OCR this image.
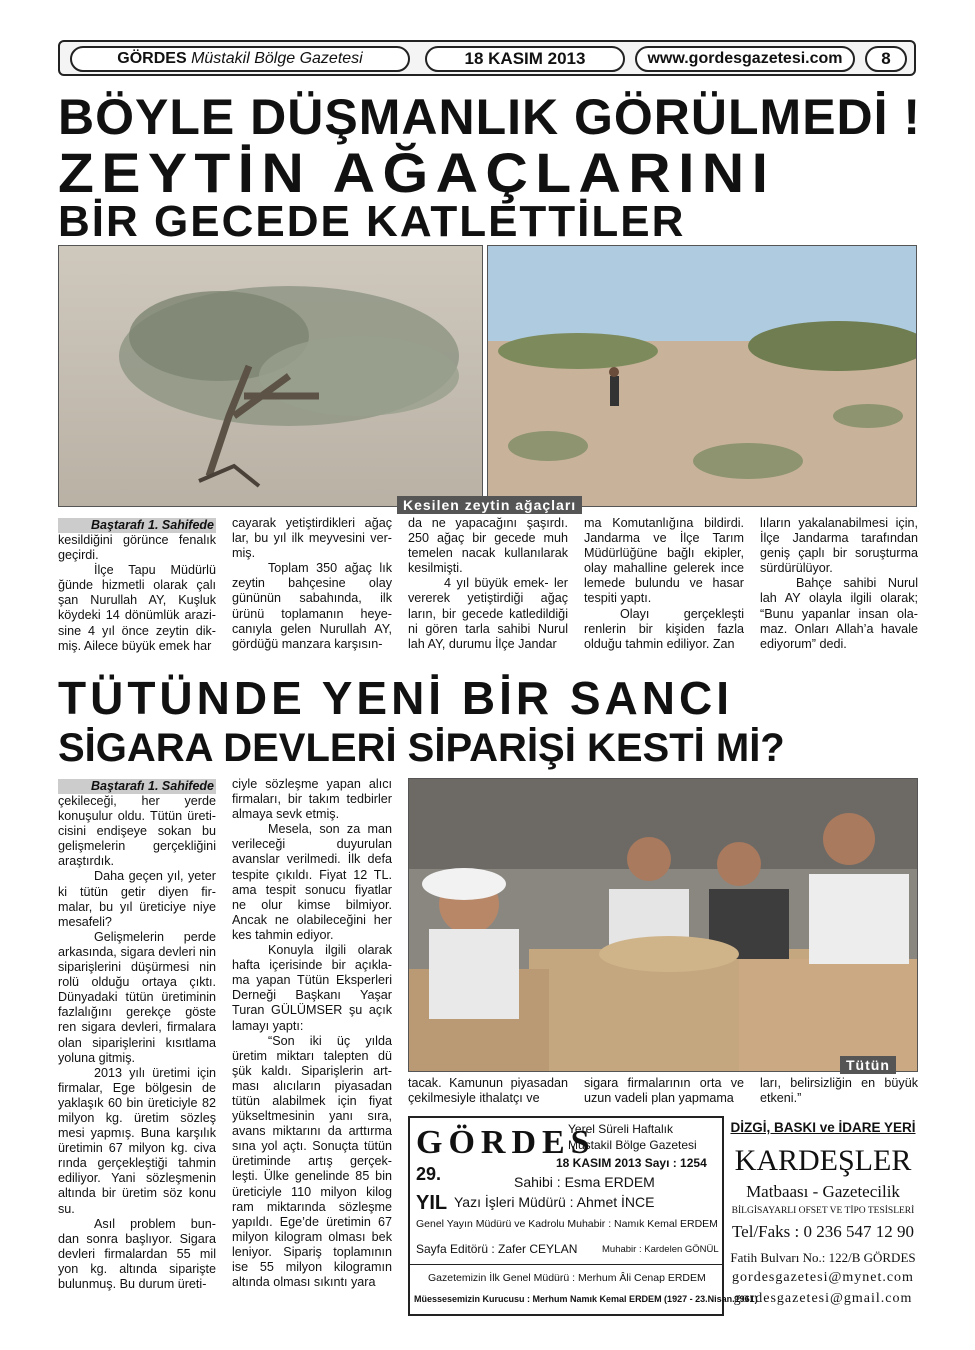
GÖRDES Müstakil Bölge Gazetesi	18 KASIM 2013	www.gordesgazetesi.com	8
BÖYLE DÜŞMANLIK GÖRÜLMEDİ !
ZEYTİN AĞAÇLARINI
BİR GECEDE KATLETTİLER
Kesilen zeytin ağaçları
Baştarafı 1. Sahifede

kesildiğini görünce fenalık geçirdi.

İlçe Tapu Müdürlü ğünde hizmetli olarak çalı şan Nurullah AY, Kuşluk köydeki 14 dönümlük arazi- sine 4 yıl önce zeytin dik- miş. Ailece büyük emek har

cayarak yetiştirdikleri ağaç lar, bu yıl ilk meyvesini ver- miş.

Toplam 350 ağaç lık zeytin bahçesine olay gününün sabahında, ilk ürünü toplamanın heye- canıyla gelen Nurullah AY, gördüğü manzara karşısın-

da ne yapacağını şaşırdı. 250 ağaç bir gecede muh temelen nacak kullanılarak kesilmişti.

4 yıl büyük emek- ler vererek yetiştirdiği ağaç ların, bir gecede katledildiği ni gören tarla sahibi Nurul lah AY, durumu İlçe Jandar

ma Komutanlığına bildirdi. Jandarma ve İlçe Tarım Müdürlüğüne bağlı ekipler, olay mahalline gelerek ince lemede bulundu ve hasar tespiti yaptı.

Olayı gerçekleşti renlerin bir kişiden fazla olduğu tahmin ediliyor. Zan

lıların yakalanabilmesi için, İlçe Jandarma tarafından geniş çaplı bir soruşturma sürdürülüyor.

Bahçe sahibi Nurul lah AY olayla ilgili olarak; “Bunu yapanlar insan ola- maz. Onları Allah’a havale ediyorum” dedi.

TÜTÜNDE YENİ BİR SANCI
SİGARA DEVLERİ SİPARİŞİ KESTİ Mİ?
Tütün
Baştarafı 1. Sahifede

çekileceği, her yerde konuşulur oldu. Tütün üreti- cisini endişeye sokan bu gelişmelerin gerçekliğini araştırdık.

Daha geçen yıl, yeter ki tütün getir diyen fir- malar, bu yıl üreticiye niye mesafeli?

Gelişmelerin perde arkasında, sigara devleri nin siparişlerini düşürmesi nin rolü olduğu ortaya çıktı. Dünyadaki tütün üretiminin fazlalığını gerekçe göste ren sigara devleri, firmalara olan siparişlerini kısıtlama yoluna gitmiş.

2013 yılı üretimi için firmalar, Ege bölgesin de yaklaşık 60 bin üreticiyle 82 milyon kg. üretim sözleş mesi yapmış. Buna karşılık üretimin 67 milyon kg. civa rında gerçekleştiği tahmin ediliyor. Yani sözleşmenin altında bir üretim söz konu su.

Asıl problem bun- dan sonra başlıyor. Sigara devleri firmalardan 55 mil yon kg. altında siparişte bulunmuş. Bu durum üreti-

ciyle sözleşme yapan alıcı firmaları, bir takım tedbirler almaya sevk etmiş.

Mesela, son za man verileceği duyurulan avanslar verilmedi. İlk defa tespite çıkıldı. Fiyat 12 TL. ama tespit sonucu fiyatlar ne olur kimse bilmiyor. Ancak ne olabileceğini her kes tahmin ediyor.

Konuyla ilgili olarak hafta içerisinde bir açıkla- ma yapan Tütün Eksperleri Derneği Başkanı Yaşar Turan GÜLÜMSER şu açık lamayı yaptı:

“Son iki üç yılda üretim miktarı talepten dü şük kaldı. Siparişlerin art- ması alıcıların piyasadan tütün alabilmek için fiyat yükseltmesinin yanı sıra, avans miktarını da arttırma sına yol açtı. Sonuçta tütün üretiminde artış gerçek- leşti. Ülke genelinde 85 bin üreticiyle 110 milyon kilog ram miktarında sözleşme yapıldı. Ege’de üretimin 67 milyon kilogram olması bek leniyor. Sipariş toplamının ise 55 milyon kilogramın altında olması sıkıntı yara

tacak. Kamunun piyasadan çekilmesiyle ithalatçı ve

sigara firmalarının orta ve uzun vadeli plan yapmama

ları, belirsizliğin en büyük etkeni.”

GÖRDES
Yerel Süreli Haftalık
Müstakil Bölge Gazetesi
18 KASIM 2013 Sayı : 1254
29.	Sahibi : Esma ERDEM
YIL Yazı İşleri Müdürü : Ahmet İNCE
Genel Yayın Müdürü ve Kadrolu Muhabir : Namık Kemal ERDEM
Sayfa Editörü : Zafer CEYLAN	Muhabir : Kardelen GÖNÜL
Gazetemizin İlk Genel Müdürü : Merhum Âli Cenap ERDEM
Müessesemizin Kurucusu : Merhum Namık Kemal ERDEM (1927 - 23.Nisan.1961)
DİZGİ, BASKI ve İDARE YERİ
KARDEŞLER
Matbaası - Gazetecilik
BİLGİSAYARLI OFSET VE TİPO TESİSLERİ
Tel/Faks : 0 236 547 12 90
Fatih Bulvarı No.: 122/B GÖRDES
gordesgazetesi@mynet.com
gordesgazetesi@gmail.com
